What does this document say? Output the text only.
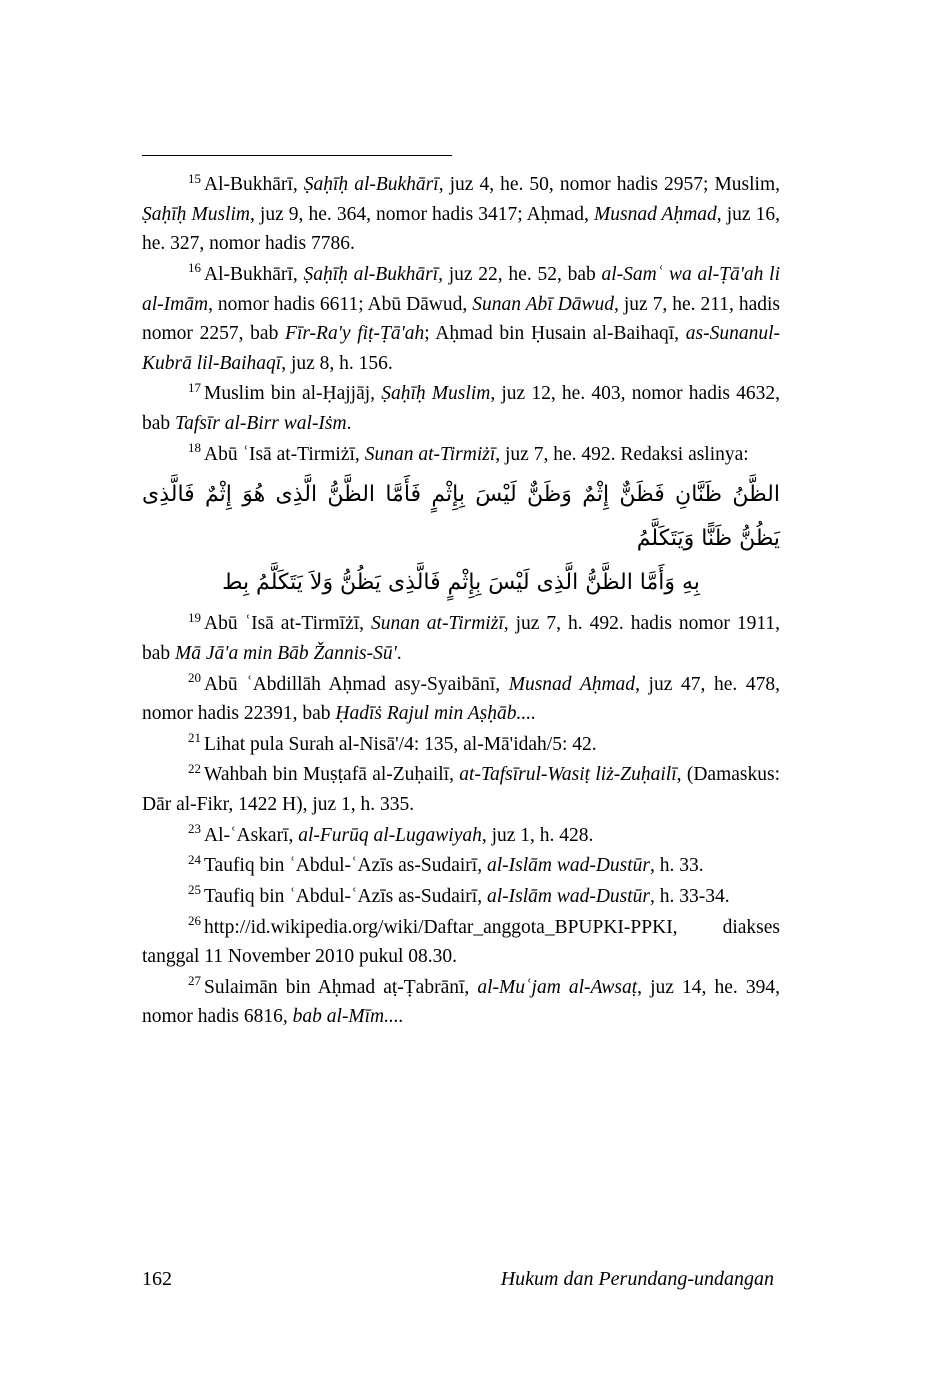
$^{15}$ Al-Bukhārī, Ṣaḥīḥ al-Bukhārī, juz 4, he. 50, nomor hadis 2957; Muslim, Ṣaḥīḥ Muslim, juz 9, he. 364, nomor hadis 3417; Aḥmad, Musnad Aḥmad, juz 16, he. 327, nomor hadis 7786.

$^{16}$ Al-Bukhārī, Ṣaḥīḥ al-Bukhārī, juz 22, he. 52, bab al-Samʿ wa al-Ṭā'ah li al-Imām, nomor hadis 6611; Abū Dāwud, Sunan Abī Dāwud, juz 7, he. 211, hadis nomor 2257, bab Fīr-Ra'y fiṭ-Ṭā'ah; Aḥmad bin Ḥusain al-Baihaqī, as-Sunanul-Kubrā lil-Baihaqī, juz 8, h. 156.

$^{17}$ Muslim bin al-Ḥajjāj, Ṣaḥīḥ Muslim, juz 12, he. 403, nomor hadis 4632, bab Tafsīr al-Birr wal-Iṡm.

$^{18}$ Abū ʿIsā at-Tirmiżī, Sunan at-Tirmiżī, juz 7, he. 492. Redaksi aslinya:

الظَّنُ ظَنَّانِ فَظَنٌّ إِثْمٌ وَظَنٌّ لَيْسَ بِإِثْمٍ فَأَمَّا الظَّنُّ الَّذِى هُوَ إِثْمٌ فَالَّذِى يَظُنُّ ظَنًّا وَيَتَكَلَّمُ
بِهِ وَأَمَّا الظَّنُّ الَّذِى لَيْسَ بِإِثْمٍ فَالَّذِى يَظُنُّ وَلاَ يَتَكَلَّمُ بِط

$^{19}$ Abū ʿIsā at-Tirmīżī, Sunan at-Tirmiżī, juz 7, h. 492. hadis nomor 1911, bab Mā Jā'a min Bāb Žannis-Sū'.

$^{20}$ Abū ʿAbdillāh Aḥmad asy-Syaibānī, Musnad Aḥmad, juz 47, he. 478, nomor hadis 22391, bab Ḥadīṡ Rajul min Aṣḥāb....

$^{21}$ Lihat pula Surah al-Nisā'/4: 135, al-Mā'idah/5: 42.

$^{22}$ Wahbah bin Muṣṭafā al-Zuḥailī, at-Tafsīrul-Wasiṭ liż-Zuḥailī, (Damaskus: Dār al-Fikr, 1422 H), juz 1, h. 335.

$^{23}$ Al-ʿAskarī, al-Furūq al-Lugawiyah, juz 1, h. 428.

$^{24}$ Taufiq bin ʿAbdul-ʿAzīs as-Sudairī, al-Islām wad-Dustūr, h. 33.

$^{25}$ Taufiq bin ʿAbdul-ʿAzīs as-Sudairī, al-Islām wad-Dustūr, h. 33-34.

$^{26}$ http://id.wikipedia.org/wiki/Daftar_anggota_BPUPKI-PPKI, diakses tanggal 11 November 2010 pukul 08.30.

$^{27}$ Sulaimān bin Aḥmad aṭ-Ṭabrānī, al-Muʿjam al-Awsaṭ, juz 14, he. 394, nomor hadis 6816, bab al-Mīm....

162	Hukum dan Perundang-undangan
